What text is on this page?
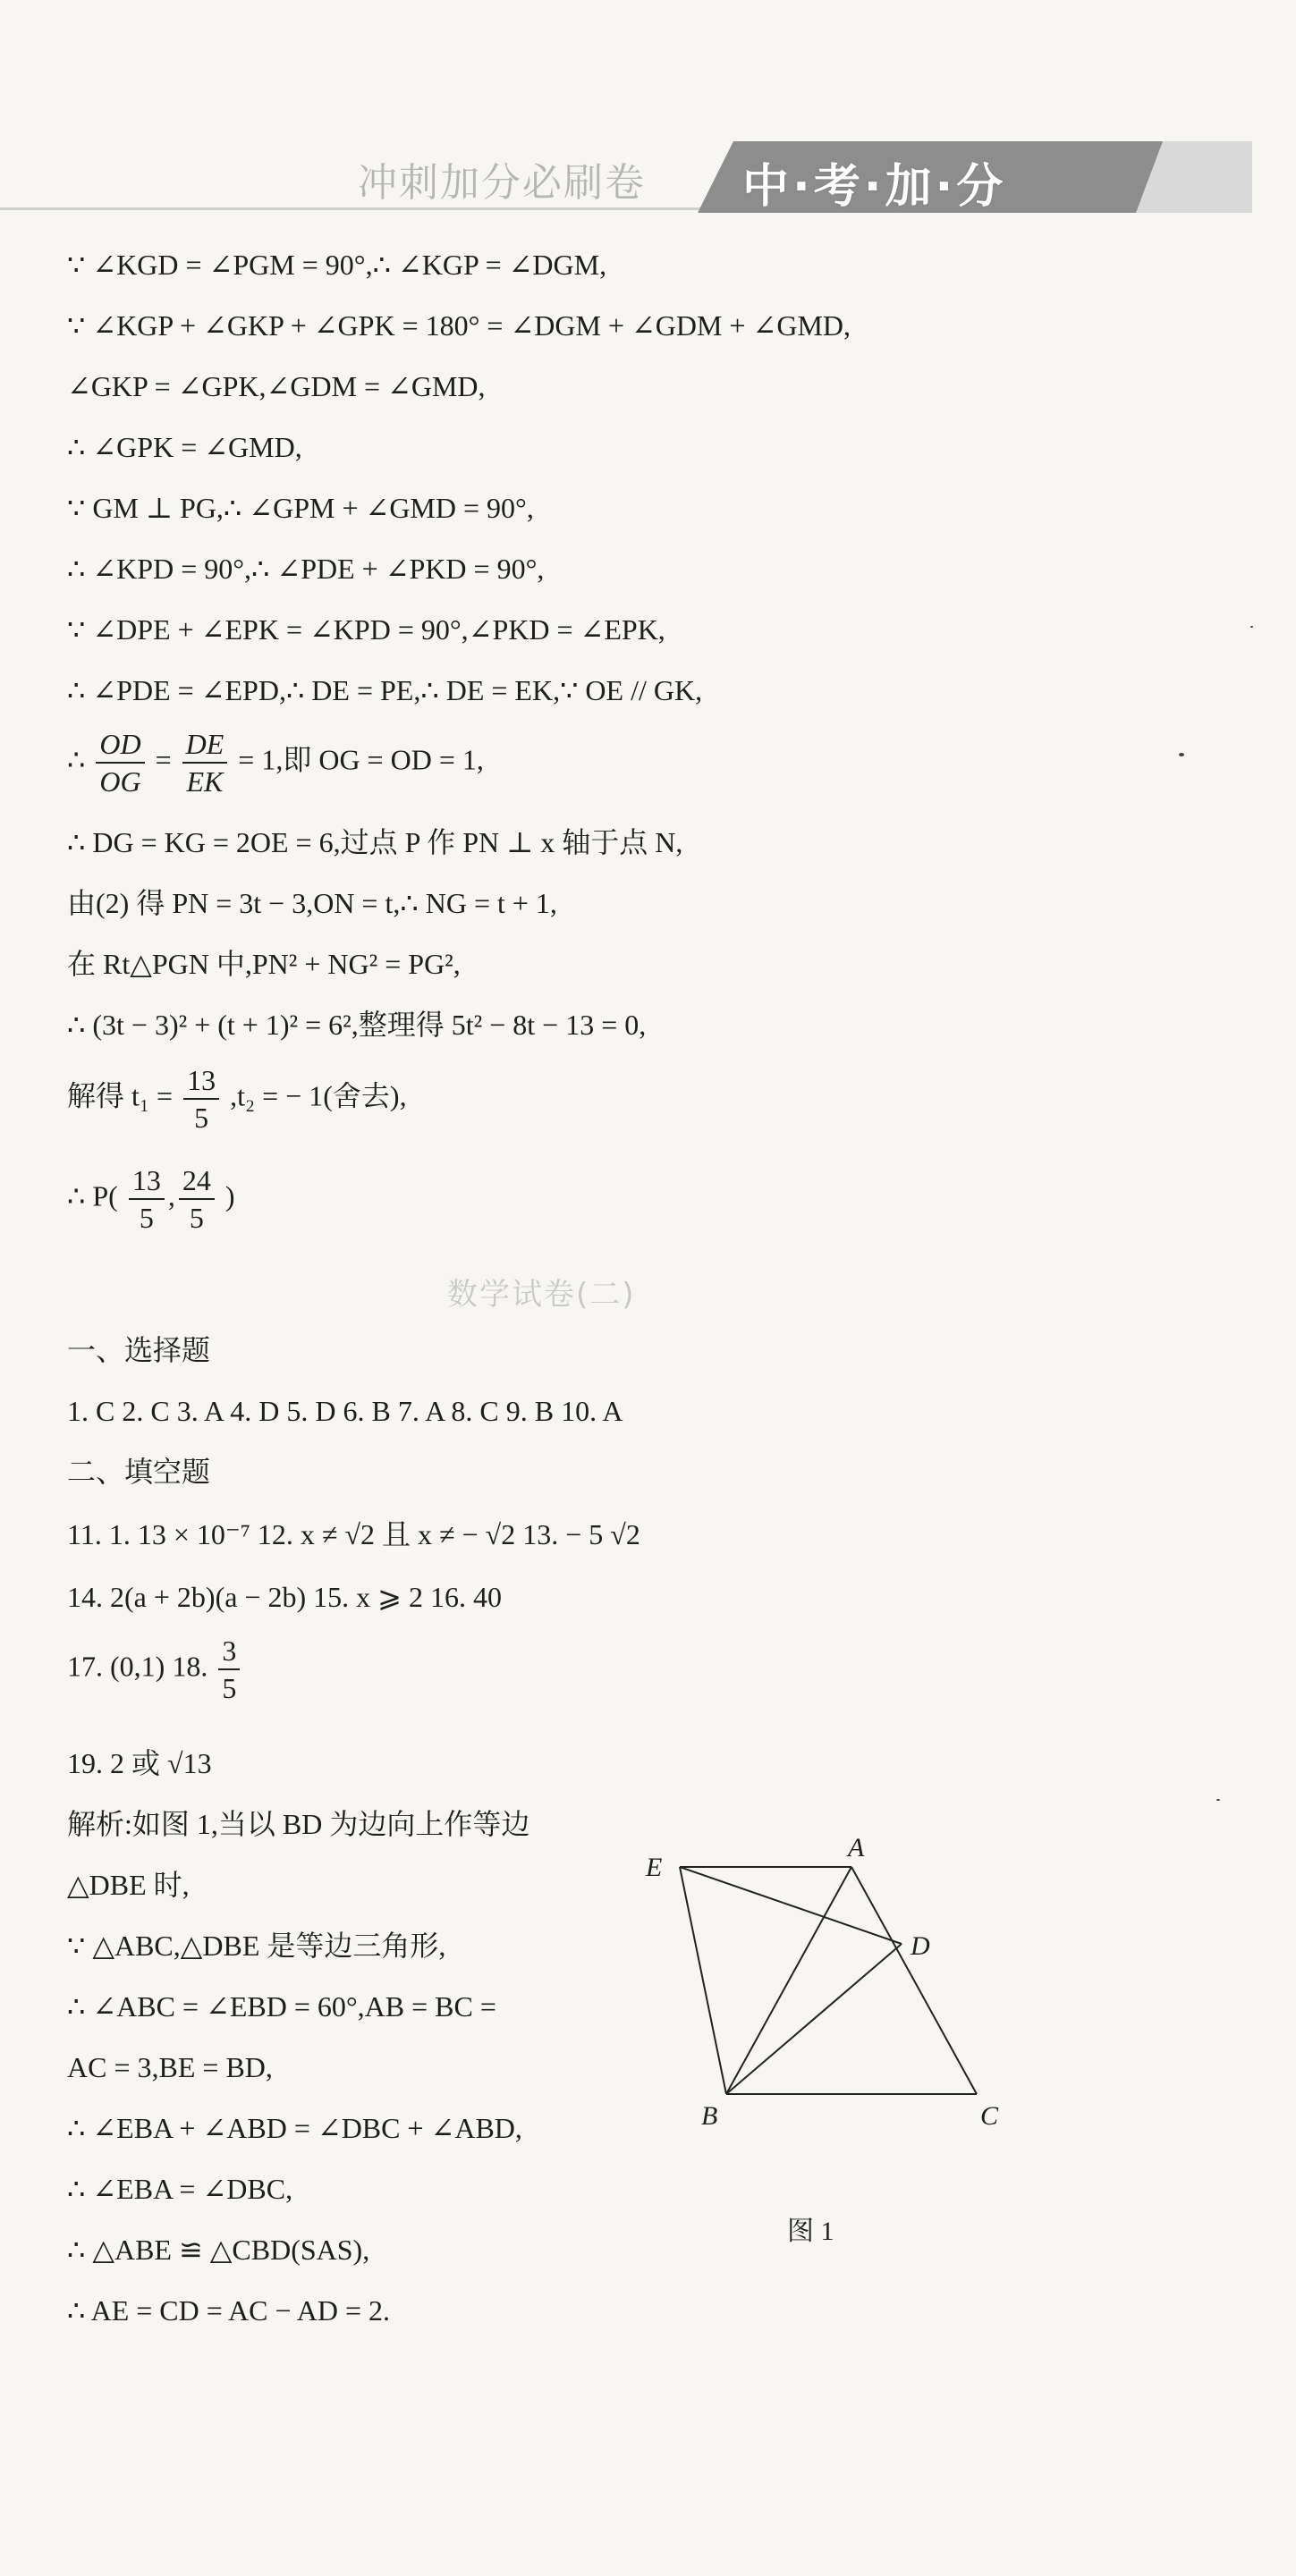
冲刺加分必刷卷 中·考·加·分
∵ ∠KGD = ∠PGM = 90°,∴ ∠KGP = ∠DGM,
∵ ∠KGP + ∠GKP + ∠GPK = 180° = ∠DGM + ∠GDM + ∠GMD,
∠GKP = ∠GPK,∠GDM = ∠GMD,
∴ ∠GPK = ∠GMD,
∵ GM ⊥ PG,∴ ∠GPM + ∠GMD = 90°,
∴ ∠KPD = 90°,∴ ∠PDE + ∠PKD = 90°,
∵ ∠DPE + ∠EPK = ∠KPD = 90°,∠PKD = ∠EPK,
∴ ∠PDE = ∠EPD,∴ DE = PE,∴ DE = EK,∵ OE // GK,
∴ $\frac{OD}{OG} = \frac{DE}{EK} = 1$,即 OG = OD = 1,
∴ DG = KG = 2OE = 6,过点 P 作 PN ⊥ x 轴于点 N,
由(2) 得 PN = 3t − 3,ON = t,∴ NG = t + 1,
在 Rt△PGN 中,PN² + NG² = PG²,
∴ (3t − 3)² + (t + 1)² = 6²,整理得 5t² − 8t − 13 = 0,
解得 $t_1 = \frac{13}{5} ,t_2$ = − 1(舍去),
∴ $P( \frac{13}{5}$ , $\frac{24}{5}$ )
数学试卷(二)
一、选择题
1. C 2. C 3. A 4. D 5. D 6. B 7. A 8. C 9. B 10. A
二、填空题
11. 1. 13 × 10⁻⁷ 12. x ≠ √2 且 x ≠ − √2 13. − 5 √2
14. 2(a + 2b)(a − 2b) 15. x ⩾ 2 16. 40
17. (0,1) 18. $\frac{3}{5}$
19. 2 或 √13
解析:如图 1,当以 BD 为边向上作等边
△DBE 时,
∵ △ABC,△DBE 是等边三角形,
∴ ∠ABC = ∠EBD = 60°,AB = BC =
AC = 3,BE = BD,
∴ ∠EBA + ∠ABD = ∠DBC + ∠ABD,
∴ ∠EBA = ∠DBC,
∴ △ABE ≌ △CBD(SAS),
∴ AE = CD = AC − AD = 2.
E
A
D
B	C
图 1
